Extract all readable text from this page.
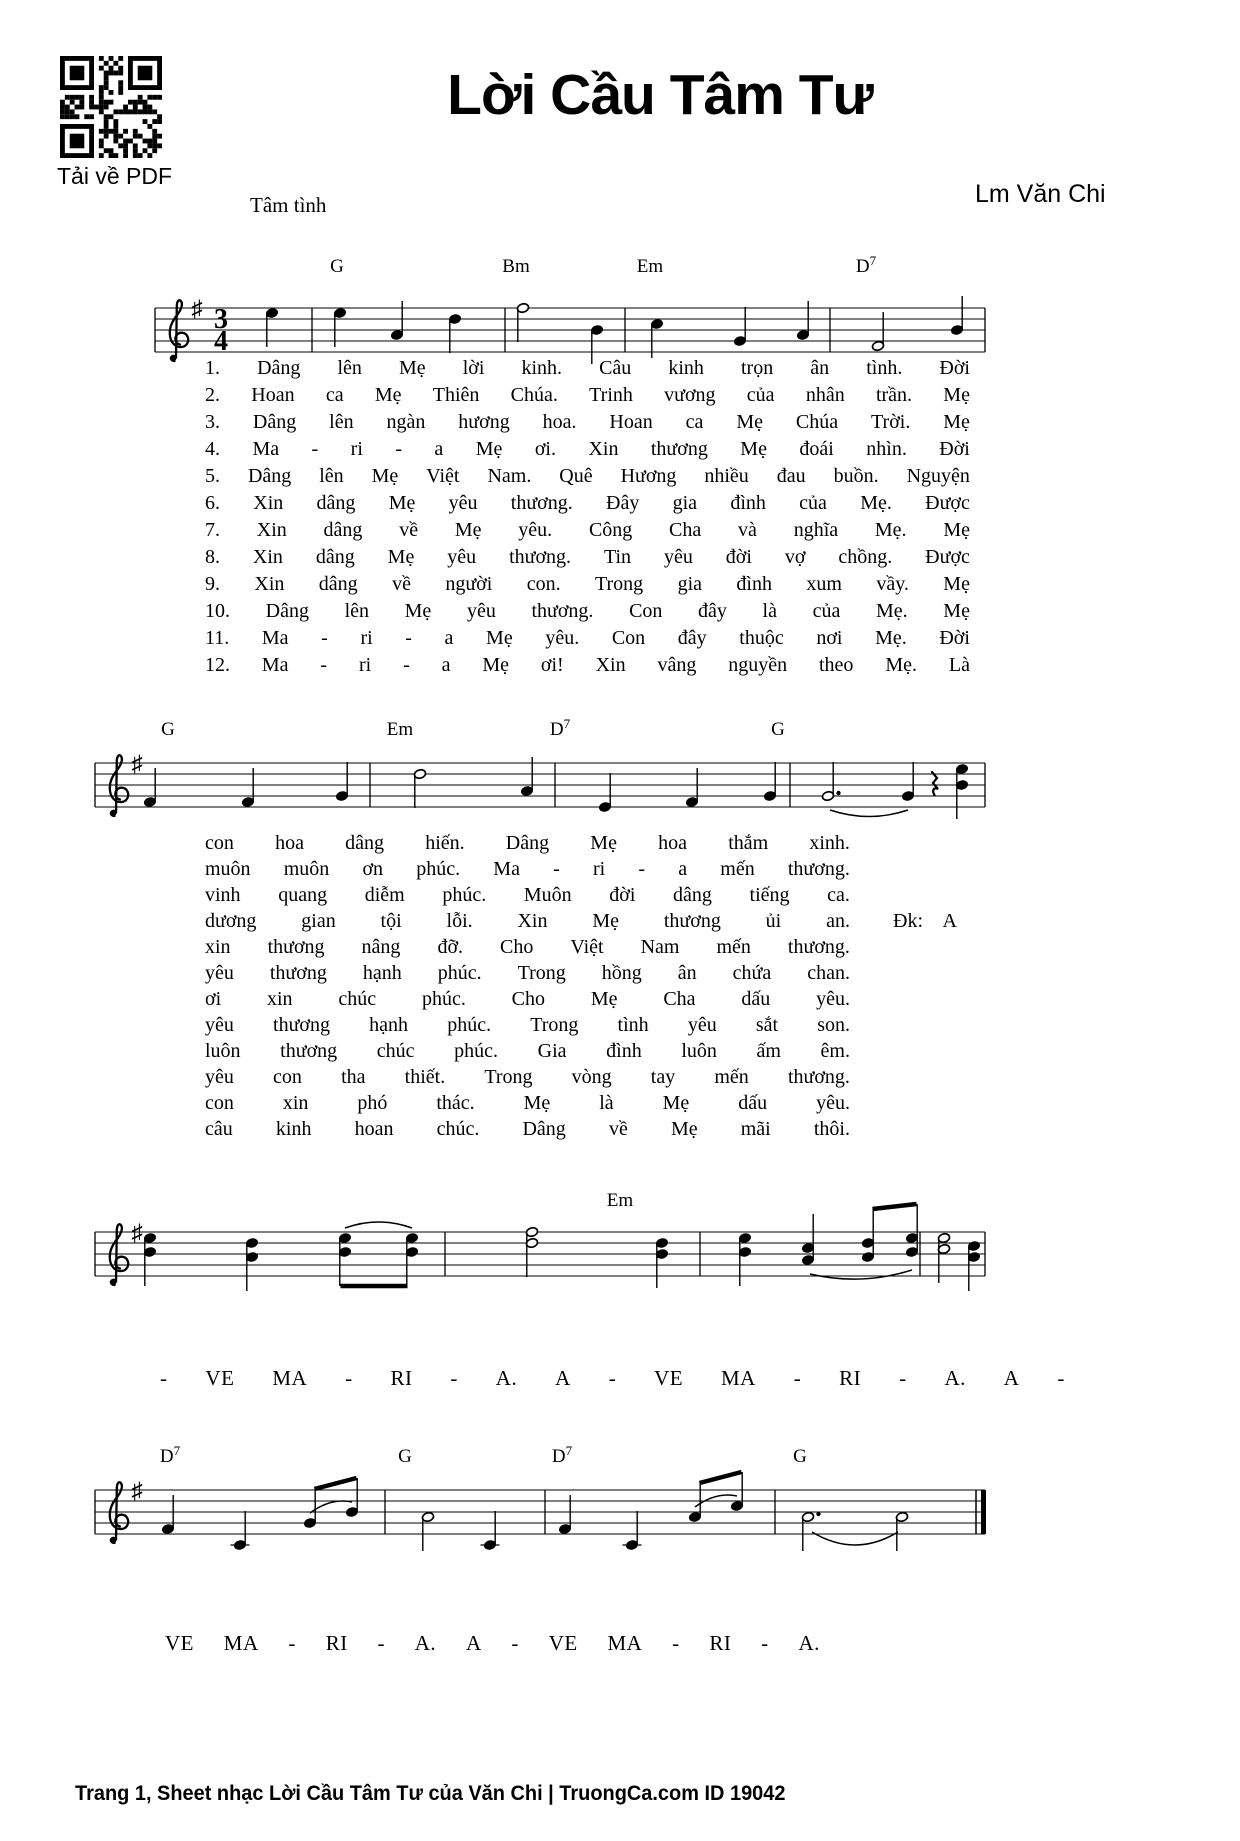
Tải về PDF
Lời Cầu Tâm Tư
Tâm tình	Lm Văn Chi
♯ 3
4
G	Bm	Em	$D^7$
♯
G	Em	$D^7$	G
♯
Em
♯
$D^7$	G	$D^7$	G
1. Dâng lên Mẹ lời kinh. Câu kinh trọn ân tình. Đời
2. Hoan ca Mẹ Thiên Chúa. Trinh vương của nhân trần. Mẹ
3. Dâng lên ngàn hương hoa. Hoan ca Mẹ Chúa Trời. Mẹ
4. Ma - ri - a Mẹ ơi. Xin thương Mẹ đoái nhìn. Đời
5. Dâng lên Mẹ Việt Nam. Quê Hương nhiều đau buồn. Nguyện
6. Xin dâng Mẹ yêu thương. Đây gia đình của Mẹ. Được
7. Xin dâng về Mẹ yêu. Công Cha và nghĩa Mẹ. Mẹ
8. Xin dâng Mẹ yêu thương. Tin yêu đời vợ chồng. Được
9. Xin dâng về người con. Trong gia đình xum vầy. Mẹ
10. Dâng lên Mẹ yêu thương. Con đây là của Mẹ. Mẹ
11. Ma - ri - a Mẹ yêu. Con đây thuộc nơi Mẹ. Đời
12. Ma - ri - a Mẹ ơi! Xin vâng nguyền theo Mẹ. Là
con hoa dâng hiến. Dâng Mẹ hoa thắm xinh.
muôn muôn ơn phúc. Ma - ri - a mến thương.
vinh quang diễm phúc. Muôn đời dâng tiếng ca.
dương gian tội lỗi. Xin Mẹ thương ủi an.
xin thương nâng đỡ. Cho Việt Nam mến thương.
yêu thương hạnh phúc. Trong hồng ân chứa chan.
ơi xin chúc phúc. Cho Mẹ Cha dấu yêu.
yêu thương hạnh phúc. Trong tình yêu sắt son.
luôn thương chúc phúc. Gia đình luôn ấm êm.
yêu con tha thiết. Trong vòng tay mến thương.
con xin phó thác. Mẹ là Mẹ dấu yêu.
câu kinh hoan chúc. Dâng về Mẹ mãi thôi.
- VE MA - RI - A. A - VE MA - RI - A. A -
VE MA - RI - A. A - VE MA - RI - A.
Đk: A
Trang 1, Sheet nhạc Lời Cầu Tâm Tư của Văn Chi | TruongCa.com ID 19042
